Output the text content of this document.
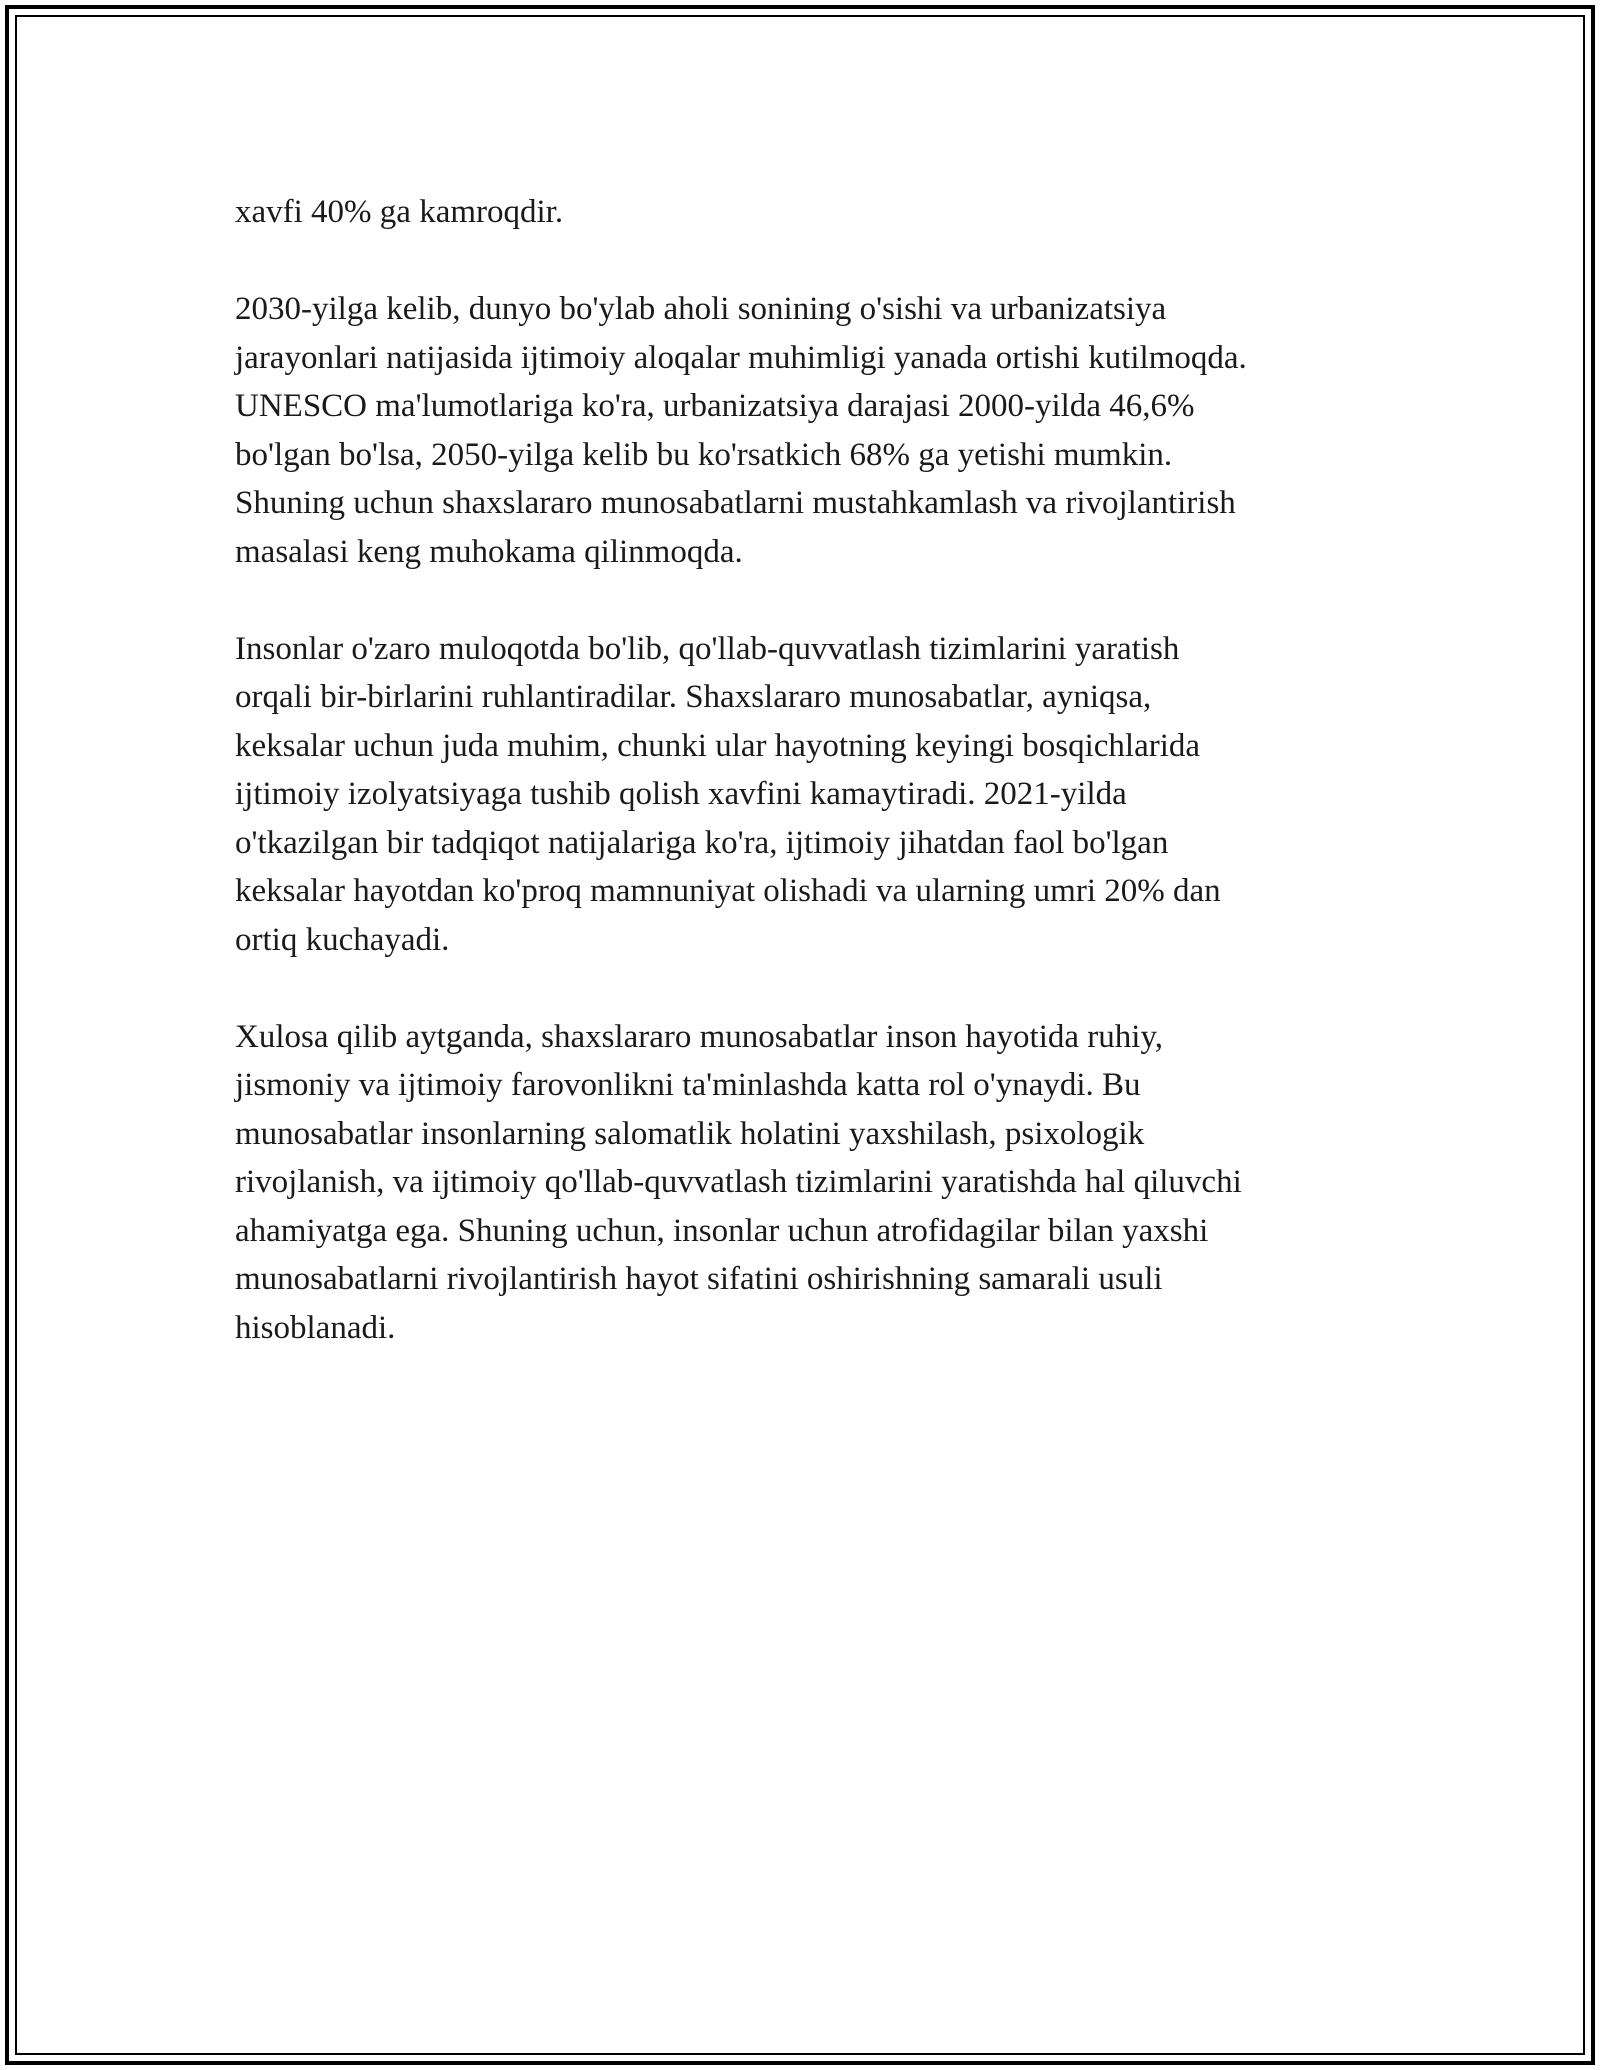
xavfi 40% ga kamroqdir.

2030-yilga kelib, dunyo bo'ylab aholi sonining o'sishi va urbanizatsiya
jarayonlari natijasida ijtimoiy aloqalar muhimligi yanada ortishi kutilmoqda.
UNESCO ma'lumotlariga ko'ra, urbanizatsiya darajasi 2000-yilda 46,6%
bo'lgan bo'lsa, 2050-yilga kelib bu ko'rsatkich 68% ga yetishi mumkin.
Shuning uchun shaxslararo munosabatlarni mustahkamlash va rivojlantirish
masalasi keng muhokama qilinmoqda.

Insonlar o'zaro muloqotda bo'lib, qo'llab-quvvatlash tizimlarini yaratish
orqali bir-birlarini ruhlantiradilar. Shaxslararo munosabatlar, ayniqsa,
keksalar uchun juda muhim, chunki ular hayotning keyingi bosqichlarida
ijtimoiy izolyatsiyaga tushib qolish xavfini kamaytiradi. 2021-yilda
o'tkazilgan bir tadqiqot natijalariga ko'ra, ijtimoiy jihatdan faol bo'lgan
keksalar hayotdan ko'proq mamnuniyat olishadi va ularning umri 20% dan
ortiq kuchayadi.

Xulosa qilib aytganda, shaxslararo munosabatlar inson hayotida ruhiy,
jismoniy va ijtimoiy farovonlikni ta'minlashda katta rol o'ynaydi. Bu
munosabatlar insonlarning salomatlik holatini yaxshilash, psixologik
rivojlanish, va ijtimoiy qo'llab-quvvatlash tizimlarini yaratishda hal qiluvchi
ahamiyatga ega. Shuning uchun, insonlar uchun atrofidagilar bilan yaxshi
munosabatlarni rivojlantirish hayot sifatini oshirishning samarali usuli
hisoblanadi.
